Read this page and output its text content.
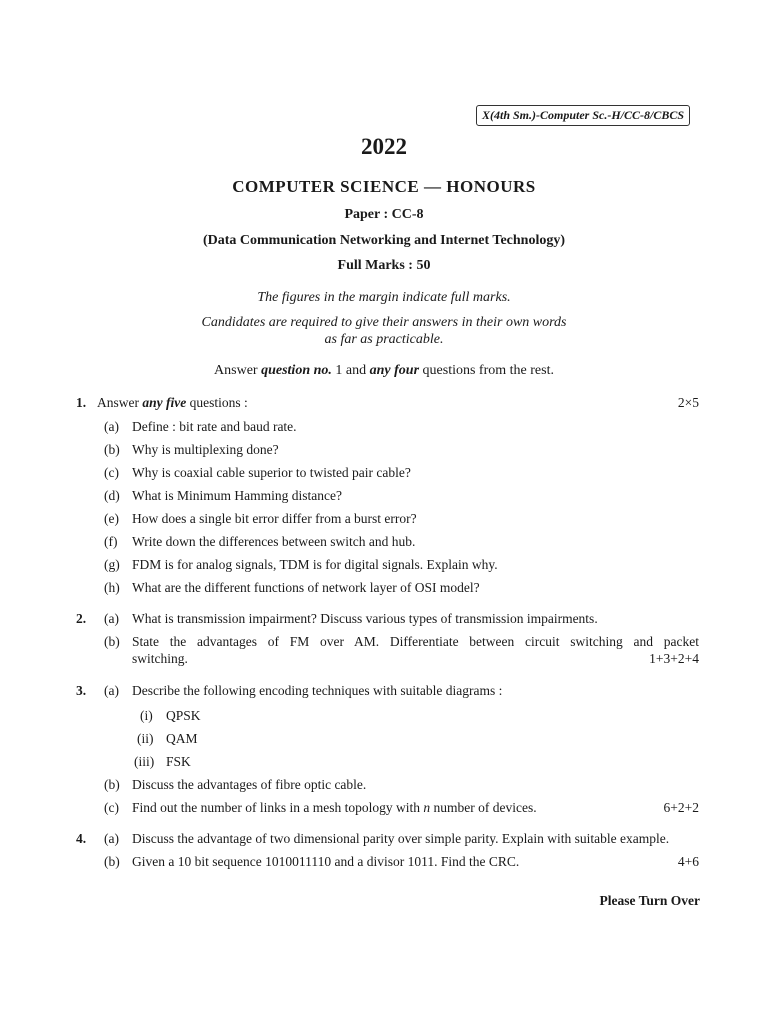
X(4th Sm.)-Computer Sc.-H/CC-8/CBCS
2022
COMPUTER SCIENCE — HONOURS
Paper : CC-8
(Data Communication Networking and Internet Technology)
Full Marks : 50
The figures in the margin indicate full marks.
Candidates are required to give their answers in their own words
as far as practicable.
Answer question no. 1 and any four questions from the rest.
1. Answer any five questions :	2×5
(a) Define : bit rate and baud rate.
(b) Why is multiplexing done?
(c) Why is coaxial cable superior to twisted pair cable?
(d) What is Minimum Hamming distance?
(e) How does a single bit error differ from a burst error?
(f) Write down the differences between switch and hub.
(g) FDM is for analog signals, TDM is for digital signals. Explain why.
(h) What are the different functions of network layer of OSI model?
2. (a) What is transmission impairment? Discuss various types of transmission impairments.
(b) State the advantages of FM over AM. Differentiate between circuit switching and packet
switching.	1+3+2+4
3. (a) Describe the following encoding techniques with suitable diagrams :
(i) QPSK
(ii) QAM
(iii) FSK
(b) Discuss the advantages of fibre optic cable.
(c) Find out the number of links in a mesh topology with n number of devices.	6+2+2
4. (a) Discuss the advantage of two dimensional parity over simple parity. Explain with suitable example.
(b) Given a 10 bit sequence 1010011110 and a divisor 1011. Find the CRC.	4+6
Please Turn Over
